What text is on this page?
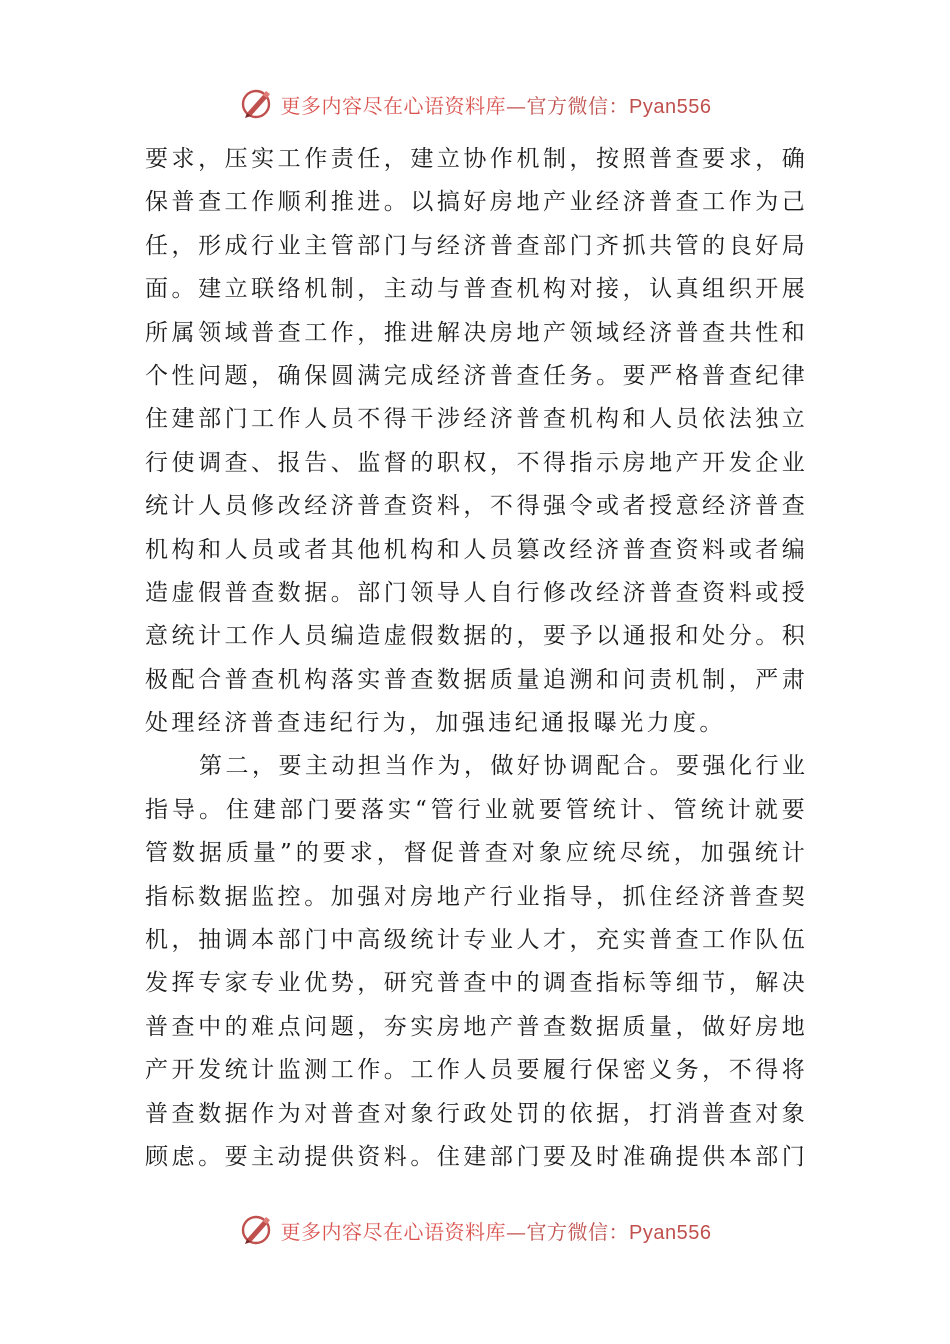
更多内容尽在心语资料库—官方微信：Pyan556
要 求 ， 压 实 工 作 责 任 ， 建 立 协 作 机 制 ， 按 照 普 查 要 求 ， 确
保 普 查 工 作 顺 利 推 进 。 以 搞 好 房 地 产 业 经 济 普 查 工 作 为 己
任 ， 形 成 行 业 主 管 部 门 与 经 济 普 查 部 门 齐 抓 共 管 的 良 好 局
面 。 建 立 联 络 机 制 ， 主 动 与 普 查 机 构 对 接 ， 认 真 组 织 开 展
所 属 领 域 普 查 工 作 ， 推 进 解 决 房 地 产 领 域 经 济 普 查 共 性 和
个 性 问 题 ， 确 保 圆 满 完 成 经 济 普 查 任 务 。 要 严 格 普 查 纪 律
住 建 部 门 工 作 人 员 不 得 干 涉 经 济 普 查 机 构 和 人 员 依 法 独 立
行 使 调 查 、 报 告 、 监 督 的 职 权 ， 不 得 指 示 房 地 产 开 发 企 业
统 计 人 员 修 改 经 济 普 查 资 料 ， 不 得 强 令 或 者 授 意 经 济 普 查
机 构 和 人 员 或 者 其 他 机 构 和 人 员 篡 改 经 济 普 查 资 料 或 者 编
造 虚 假 普 查 数 据 。 部 门 领 导 人 自 行 修 改 经 济 普 查 资 料 或 授
意 统 计 工 作 人 员 编 造 虚 假 数 据 的 ， 要 予 以 通 报 和 处 分 。 积
极 配 合 普 查 机 构 落 实 普 查 数 据 质 量 追 溯 和 问 责 机 制 ， 严 肃
处理经济普查违纪行为，加强违纪通报曝光力度。
第 二 ， 要 主 动 担 当 作 为 ， 做 好 协 调 配 合 。 要 强 化 行 业
指 导 。 住 建 部 门 要 落 实 “ 管 行 业 就 要 管 统 计 、 管 统 计 就 要
管 数 据 质 量 ” 的 要 求 ， 督 促 普 查 对 象 应 统 尽 统 ， 加 强 统 计
指 标 数 据 监 控 。 加 强 对 房 地 产 行 业 指 导 ， 抓 住 经 济 普 查 契
机 ， 抽 调 本 部 门 中 高 级 统 计 专 业 人 才 ， 充 实 普 查 工 作 队 伍
发 挥 专 家 专 业 优 势 ， 研 究 普 查 中 的 调 查 指 标 等 细 节 ， 解 决
普 查 中 的 难 点 问 题 ， 夯 实 房 地 产 普 查 数 据 质 量 ， 做 好 房 地
产 开 发 统 计 监 测 工 作 。 工 作 人 员 要 履 行 保 密 义 务 ， 不 得 将
普 查 数 据 作 为 对 普 查 对 象 行 政 处 罚 的 依 据 ， 打 消 普 查 对 象
顾 虑 。 要 主 动 提 供 资 料 。 住 建 部 门 要 及 时 准 确 提 供 本 部 门
更多内容尽在心语资料库—官方微信：Pyan556
